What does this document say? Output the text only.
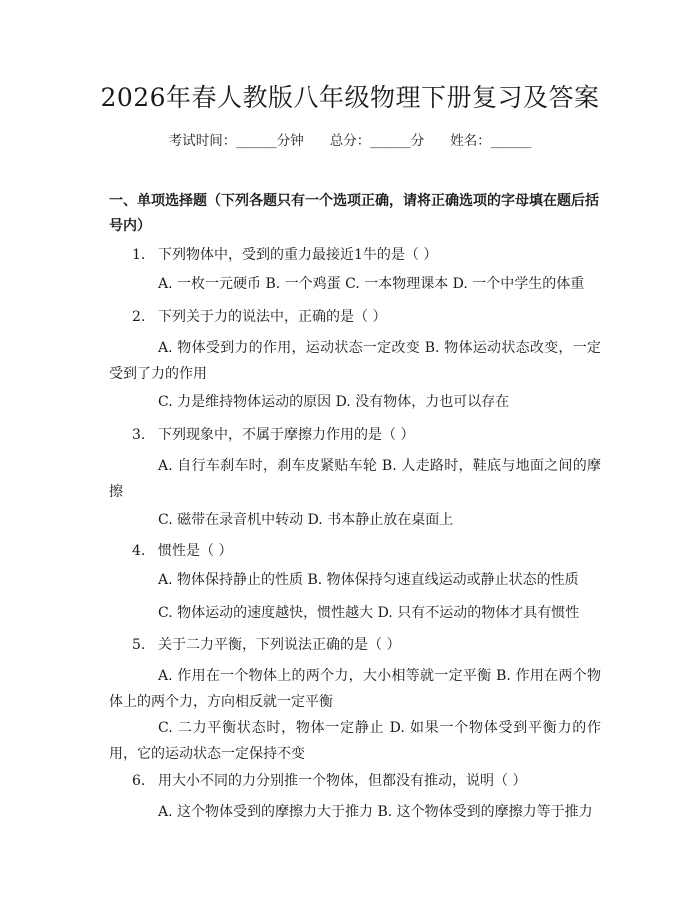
2026年春人教版八年级物理下册复习及答案
考试时间：______分钟 总分：______分 姓名：______
一、单项选择题（下列各题只有一个选项正确，请将正确选项的字母填在题后括号内）
1. 下列物体中，受到的重力最接近1牛的是（ ）
A. 一枚一元硬币 B. 一个鸡蛋 C. 一本物理课本 D. 一个中学生的体重
2. 下列关于力的说法中，正确的是（ ）
A. 物体受到力的作用，运动状态一定改变 B. 物体运动状态改变，一定受到了力的作用
C. 力是维持物体运动的原因 D. 没有物体，力也可以存在
3. 下列现象中，不属于摩擦力作用的是（ ）
A. 自行车刹车时，刹车皮紧贴车轮 B. 人走路时，鞋底与地面之间的摩擦
C. 磁带在录音机中转动 D. 书本静止放在桌面上
4. 惯性是（ ）
A. 物体保持静止的性质 B. 物体保持匀速直线运动或静止状态的性质
C. 物体运动的速度越快，惯性越大 D. 只有不运动的物体才具有惯性
5. 关于二力平衡，下列说法正确的是（ ）
A. 作用在一个物体上的两个力，大小相等就一定平衡 B. 作用在两个物体上的两个力，方向相反就一定平衡
C. 二力平衡状态时，物体一定静止 D. 如果一个物体受到平衡力的作用，它的运动状态一定保持不变
6. 用大小不同的力分别推一个物体，但都没有推动，说明（ ）
A. 这个物体受到的摩擦力大于推力 B. 这个物体受到的摩擦力等于推力
